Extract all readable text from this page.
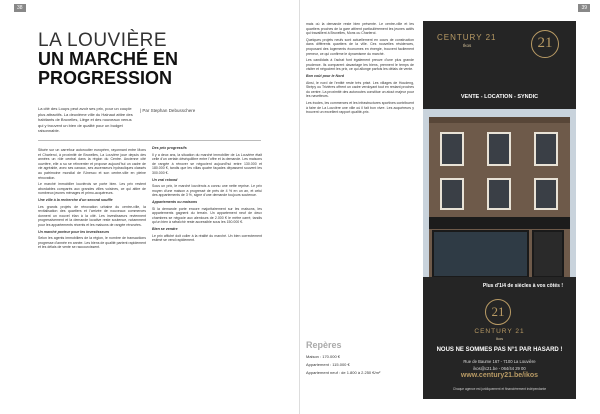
38	39
LA LOUVIÈRE
UN MARCHÉ EN PROGRESSION
La cité des Loups peut avoir ses prix, pour un couple plus attractifs. La deuxième ville du Hainaut attire des habitants de Bruxelles, Liège et des nouveaux venus qui y trouvent un bien de qualité pour un budget raisonnable.
| Par Stephan Debusschere

Située sur un carrefour autoroutier européen, rayonnant entre Mons et Charleroi, à proximité de Bruxelles, La Louvière joue depuis des années un rôle central dans la région du Centre. Ancienne cité ouvrière, elle a su se réinventer et propose aujourd'hui un cadre de vie agréable, avec ses canaux, ses ascenseurs hydrauliques classés au patrimoine mondial de l'Unesco et son centre-ville en pleine rénovation.

Le marché immobilier louviérois se porte bien. Les prix restent abordables comparés aux grandes villes voisines, ce qui attire de nombreux jeunes ménages et primo-acquéreurs.

Une ville à la recherche d'un second souffle

Les grands projets de rénovation urbaine du centre-ville, la revitalisation des quartiers et l'arrivée de nouveaux commerces donnent un nouvel élan à la cité. Les investisseurs reviennent progressivement et la demande locative reste soutenue, notamment pour les appartements récents et les maisons de rangée rénovées.

Un marché porteur pour les investisseurs

Selon les agents immobiliers de la région, le nombre de transactions progresse d'année en année. Les biens de qualité partent rapidement et les délais de vente se raccourcissent.

Des prix progressifs

Il y a deux ans, la situation du marché immobilier de La Louvière était celle d'un certain déséquilibre entre l'offre et la demande. Les maisons de rangée à rénover se négocient aujourd'hui entre 130.000 et 180.000 €, tandis que les villas quatre façades dépassent souvent les 300.000 €.

Un vrai rebond

Sous un prix, le marché louviérois a connu une nette reprise. Le prix moyen d'une maison a progressé de près de 4 % en un an, et celui des appartements de 3 %, signe d'une demande toujours soutenue.

Appartements ou maisons

Si la demande porte encore majoritairement sur les maisons, les appartements gagnent du terrain. Un appartement neuf de deux chambres se négocie aux alentours de 2.000 € le mètre carré, tandis qu'un bien à rafraîchir reste accessible sous les 150.000 €.

Bien se vendre

Le prix affiché doit coller à la réalité du marché. Un bien correctement estimé se vend rapidement.

mais où la demande reste bien présente. Le centre-ville et les quartiers proches de la gare attirent particulièrement les jeunes actifs qui travaillent à Bruxelles, Mons ou Charleroi.

Quelques projets neufs sont actuellement en cours de construction dans différents quartiers de la ville. Ces nouvelles résidences, proposant des logements économes en énergie, trouvent facilement preneur, ce qui confirme le dynamisme du marché.

Les candidats à l'achat font également preuve d'une plus grande prudence. Ils comparent davantage les biens, prennent le temps de visiter et négocient les prix, ce qui allonge parfois les délais de vente.

Bon coût pour le Nord

Ainsi, le nord de l'entité reste très prisé. Les villages de Houdeng, Strépy ou Trivières offrent un cadre verdoyant tout en restant proches du centre. La proximité des autoroutes constitue un atout majeur pour les navetteurs.

Les écoles, les commerces et les infrastructures sportives contribuent à faire de La Louvière une ville où il fait bon vivre. Les acquéreurs y trouvent un excellent rapport qualité-prix.

Repères
Maison : 170.000 €
Appartement : 115.000 €
Appartement neuf : de 1.800 à 2.250 €/m²
CENTURY 21
Ikos	21
VENTE - LOCATION - SYNDIC
Plus d'1/4 de siècles à vos côtés !
21
CENTURY 21
Ikos
NOUS NE SOMMES PAS N°1 PAR HASARD !
Rue de Baume 167 - 7100 La Louvière
ikos@c21.be - 064/44 29 00
www.century21.be/ikos
Chaque agence est juridiquement et financièrement indépendante
